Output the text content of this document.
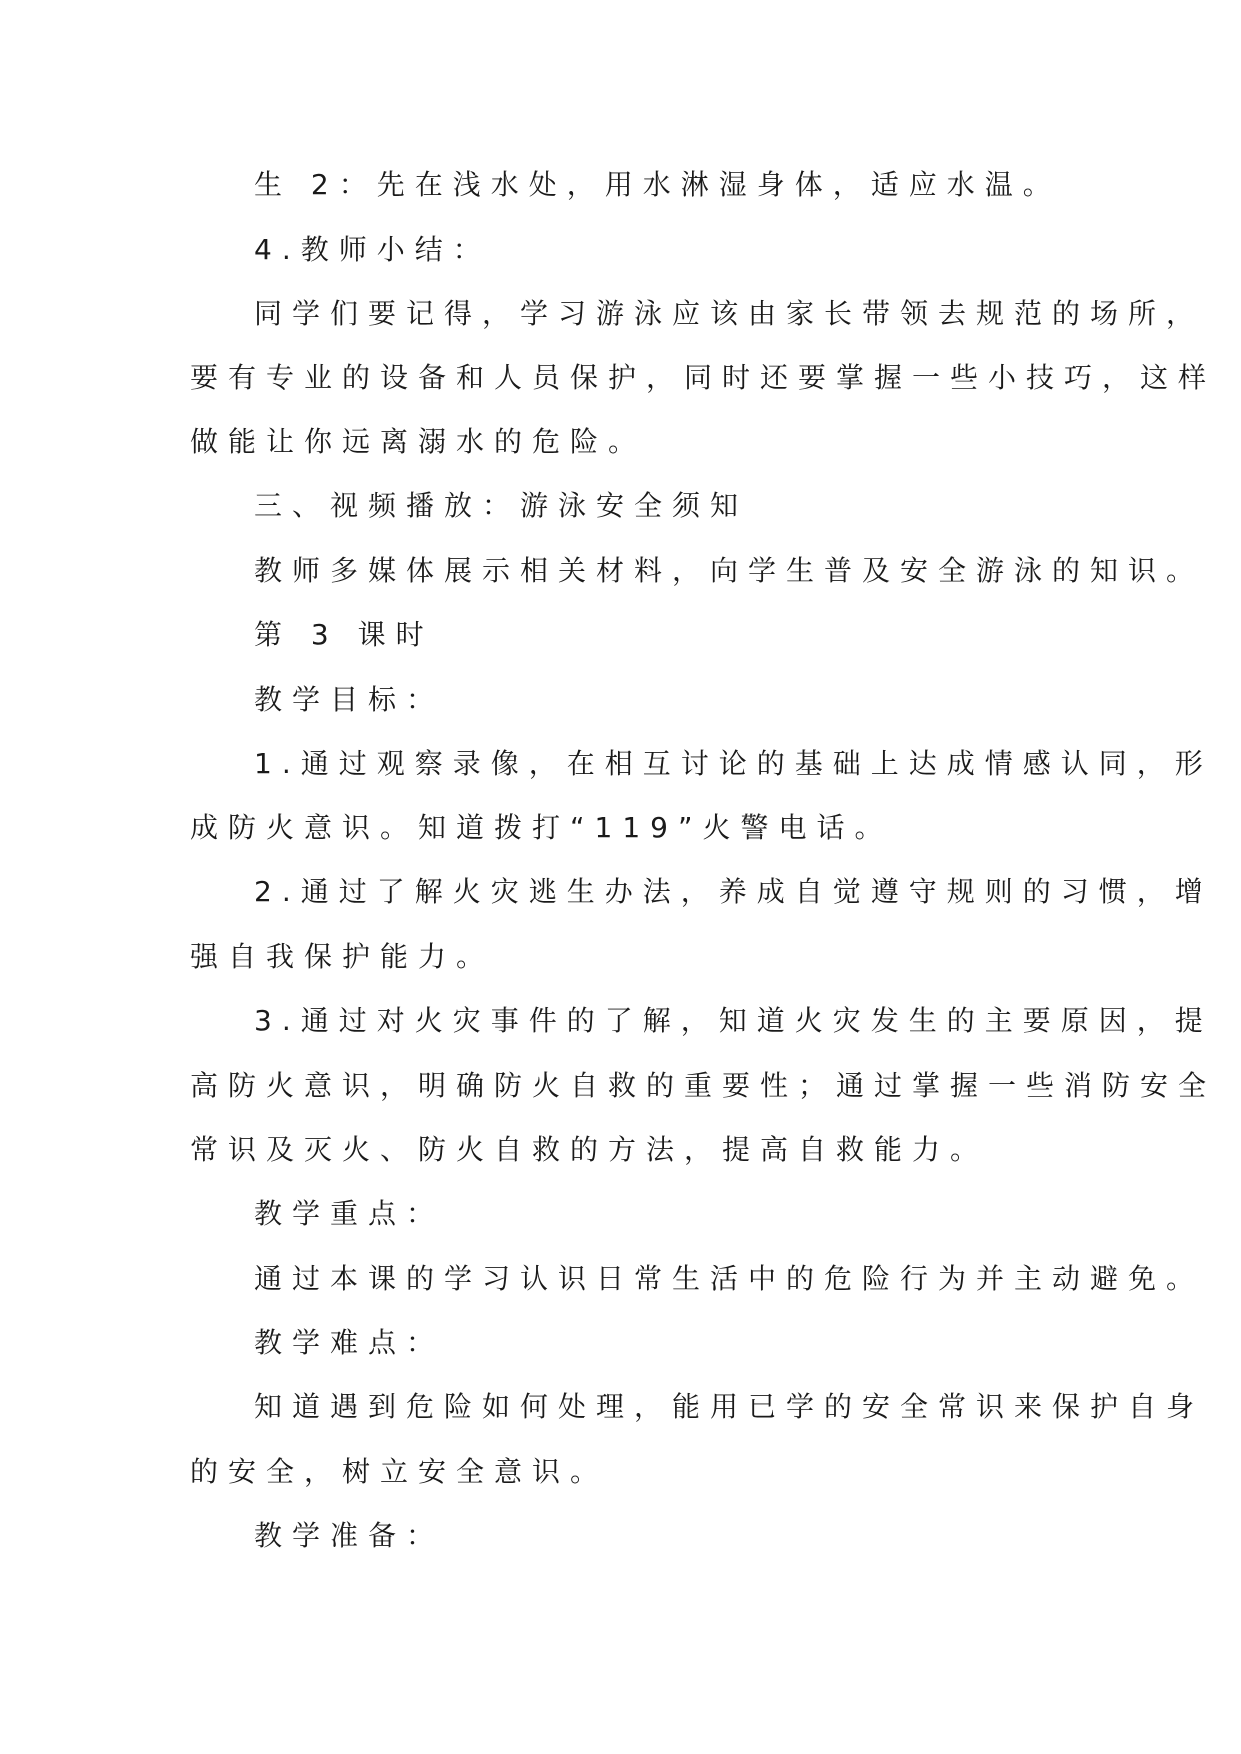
生 2：先在浅水处，用水淋湿身体，适应水温。
4.教师小结：
同学们要记得，学习游泳应该由家长带领去规范的场所，
要有专业的设备和人员保护，同时还要掌握一些小技巧，这样
做能让你远离溺水的危险。
三、视频播放：游泳安全须知
教师多媒体展示相关材料，向学生普及安全游泳的知识。
第 3 课时
教学目标：
1.通过观察录像，在相互讨论的基础上达成情感认同，形
成防火意识。知道拨打“119”火警电话。
2.通过了解火灾逃生办法，养成自觉遵守规则的习惯，增
强自我保护能力。
3.通过对火灾事件的了解，知道火灾发生的主要原因，提
高防火意识，明确防火自救的重要性；通过掌握一些消防安全
常识及灭火、防火自救的方法，提高自救能力。
教学重点：
通过本课的学习认识日常生活中的危险行为并主动避免。
教学难点：
知道遇到危险如何处理，能用已学的安全常识来保护自身
的安全，树立安全意识。
教学准备：
